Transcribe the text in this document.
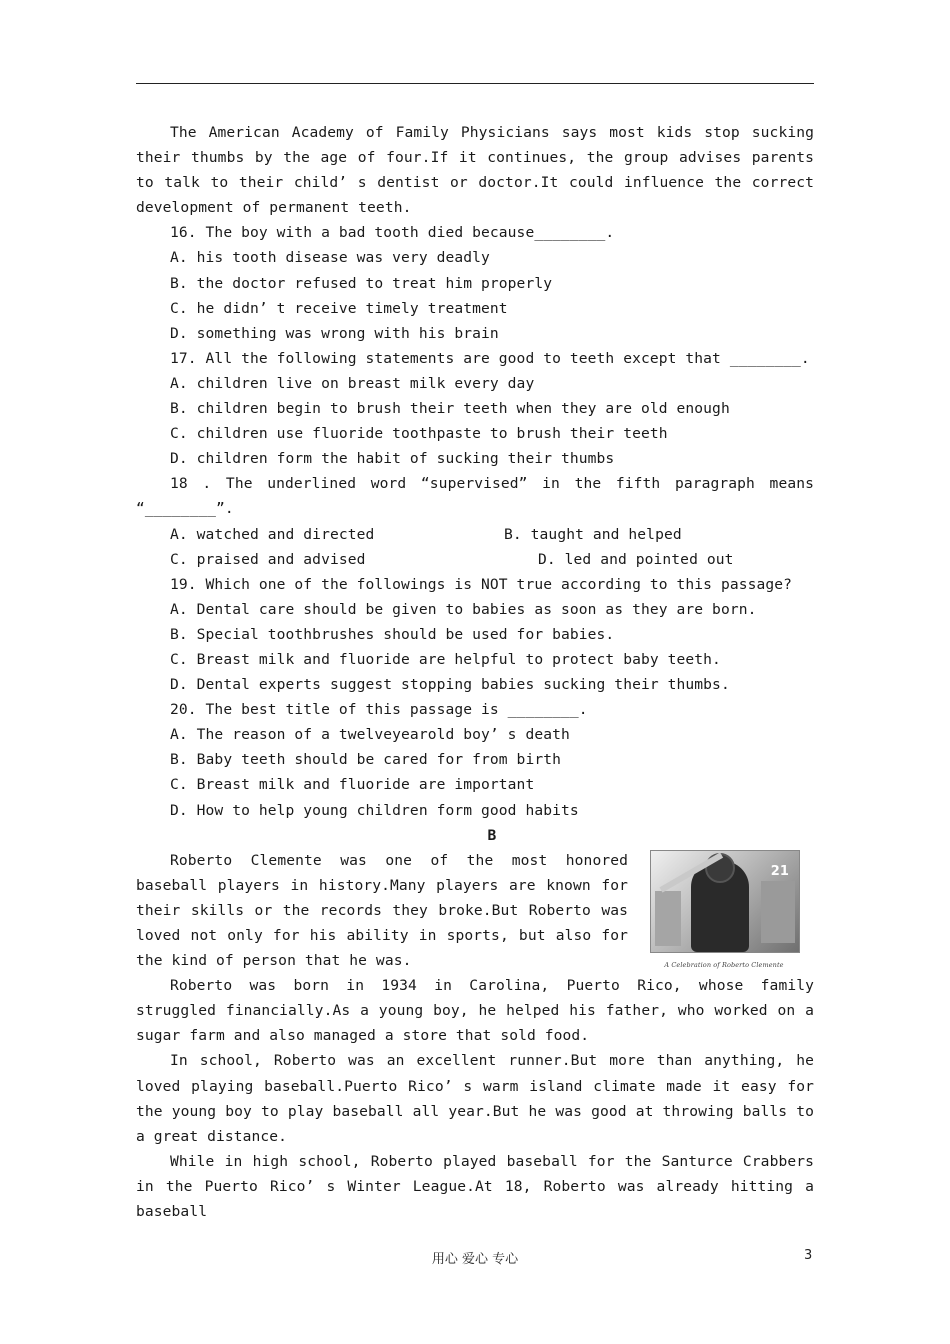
The American Academy of Family Physicians says most kids stop sucking their thumbs by the age of four.If it continues, the group advises parents to talk to their child’ s dentist or doctor.It could influence the correct development of permanent teeth.

16. The boy with a bad tooth died because________.

A. his tooth disease was very deadly

B. the doctor refused to treat him properly

C. he didn’ t receive timely treatment

D. something was wrong with his brain

17. All the following statements are good to teeth except that ________.

A. children live on breast milk every day

B. children begin to brush their teeth when they are old enough

C. children use fluoride toothpaste to brush their teeth

D. children form the habit of sucking their thumbs

18 . The underlined word “supervised” in the fifth paragraph means “________”.

A. watched and directed	B. taught and helped
C. praised and advised	D. led and pointed out

19. Which one of the followings is NOT true according to this passage?

A. Dental care should be given to babies as soon as they are born.

B. Special toothbrushes should be used for babies.

C. Breast milk and fluoride are helpful to protect baby teeth.

D. Dental experts suggest stopping babies sucking their thumbs.

20. The best title of this passage is ________.

A. The reason of a twelveyearold boy’ s death

B. Baby teeth should be cared for from birth

C. Breast milk and fluoride are important

D. How to help young children form good habits

B

21
A Celebration of Roberto Clemente

Roberto Clemente was one of the most honored baseball players in history.Many players are known for their skills or the records they broke.But Roberto was loved not only for his ability in sports, but also for the kind of person that he was.

Roberto was born in 1934 in Carolina, Puerto Rico, whose family struggled financially.As a young boy, he helped his father, who worked on a sugar farm and also managed a store that sold food.

In school, Roberto was an excellent runner.But more than anything, he loved playing baseball.Puerto Rico’ s warm island climate made it easy for the young boy to play baseball all year.But he was good at throwing balls to a great distance.

While in high school, Roberto played baseball for the Santurce Crabbers in the Puerto Rico’ s Winter League.At 18, Roberto was already hitting a baseball

用心 爱心 专心	3
